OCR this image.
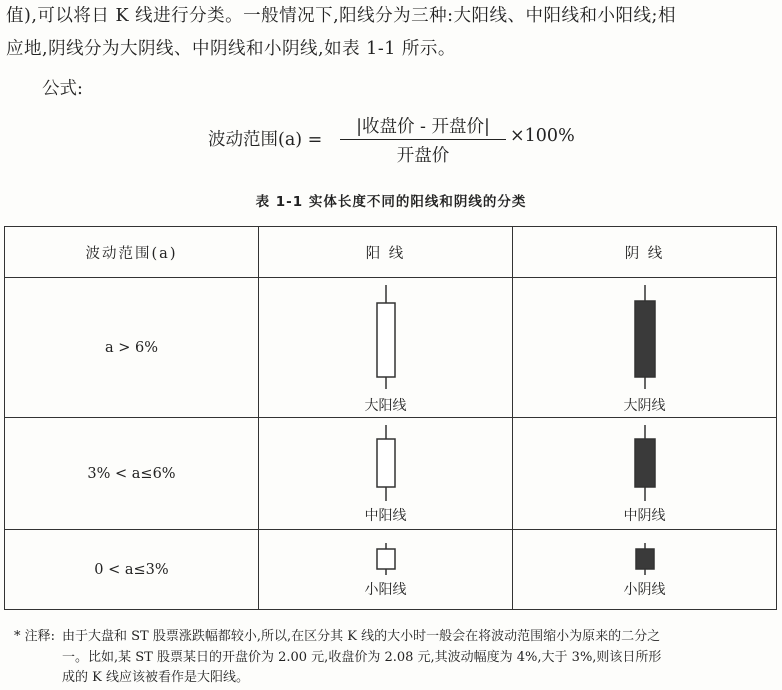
值),可以将日 K 线进行分类。一般情况下,阳线分为三种:大阳线、中阳线和小阳线;相
应地,阴线分为大阴线、中阴线和小阴线,如表 1-1 所示。
公式:
波动范围(a) =
|收盘价 - 开盘价|
开盘价
×100%
表 1-1 实体长度不同的阳线和阴线的分类
波动范围(a)	阳 线	阴 线
a > 6%	大阳线	大阴线

3% < a≤6%	中阳线	中阴线

0 < a≤3%	小阳线	小阴线
* 注释: 由于大盘和 ST 股票涨跌幅都较小,所以,在区分其 K 线的大小时一般会在将波动范围缩小为原来的二分之
一。比如,某 ST 股票某日的开盘价为 2.00 元,收盘价为 2.08 元,其波动幅度为 4%,大于 3%,则该日所形
成的 K 线应该被看作是大阳线。
